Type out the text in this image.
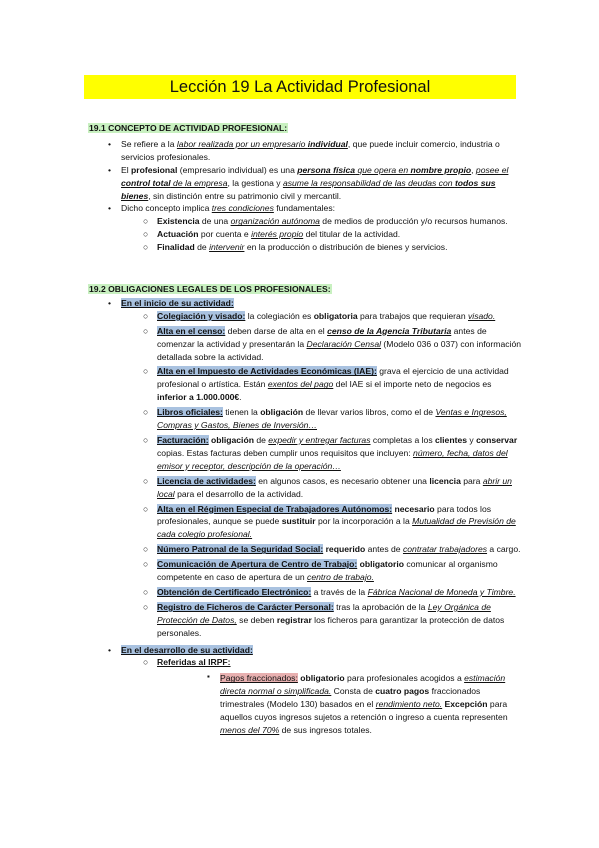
Lección 19 La Actividad Profesional
19.1 CONCEPTO DE ACTIVIDAD PROFESIONAL:
• Se refiere a la labor realizada por un empresario individual, que puede incluir comercio, industria o servicios profesionales.
• El profesional (empresario individual) es una persona física que opera en nombre propio, posee el control total de la empresa, la gestiona y asume la responsabilidad de las deudas con todos sus bienes, sin distinción entre su patrimonio civil y mercantil.
• Dicho concepto implica tres condiciones fundamentales:
○ Existencia de una organización autónoma de medios de producción y/o recursos humanos.
○ Actuación por cuenta e interés propio del titular de la actividad.
○ Finalidad de intervenir en la producción o distribución de bienes y servicios.
19.2 OBLIGACIONES LEGALES DE LOS PROFESIONALES:
• En el inicio de su actividad:
○ Colegiación y visado: la colegiación es obligatoria para trabajos que requieran visado.
○ Alta en el censo: deben darse de alta en el censo de la Agencia Tributaria antes de comenzar la actividad y presentarán la Declaración Censal (Modelo 036 o 037) con información detallada sobre la actividad.
○ Alta en el Impuesto de Actividades Económicas (IAE): grava el ejercicio de una actividad profesional o artística. Están exentos del pago del IAE si el importe neto de negocios es inferior a 1.000.000€.
○ Libros oficiales: tienen la obligación de llevar varios libros, como el de Ventas e Ingresos, Compras y Gastos, Bienes de Inversión…
○ Facturación: obligación de expedir y entregar facturas completas a los clientes y conservar copias. Estas facturas deben cumplir unos requisitos que incluyen: número, fecha, datos del emisor y receptor, descripción de la operación…
○ Licencia de actividades: en algunos casos, es necesario obtener una licencia para abrir un local para el desarrollo de la actividad.
○ Alta en el Régimen Especial de Trabajadores Autónomos: necesario para todos los profesionales, aunque se puede sustituir por la incorporación a la Mutualidad de Previsión de cada colegio profesional.
○ Número Patronal de la Seguridad Social: requerido antes de contratar trabajadores a cargo.
○ Comunicación de Apertura de Centro de Trabajo: obligatorio comunicar al organismo competente en caso de apertura de un centro de trabajo.
○ Obtención de Certificado Electrónico: a través de la Fábrica Nacional de Moneda y Timbre.
○ Registro de Ficheros de Carácter Personal: tras la aprobación de la Ley Orgánica de Protección de Datos, se deben registrar los ficheros para garantizar la protección de datos personales.
• En el desarrollo de su actividad:
○ Referidas al IRPF:
▪ Pagos fraccionados: obligatorio para profesionales acogidos a estimación directa normal o simplificada. Consta de cuatro pagos fraccionados trimestrales (Modelo 130) basados en el rendimiento neto. Excepción para aquellos cuyos ingresos sujetos a retención o ingreso a cuenta representen menos del 70% de sus ingresos totales.
